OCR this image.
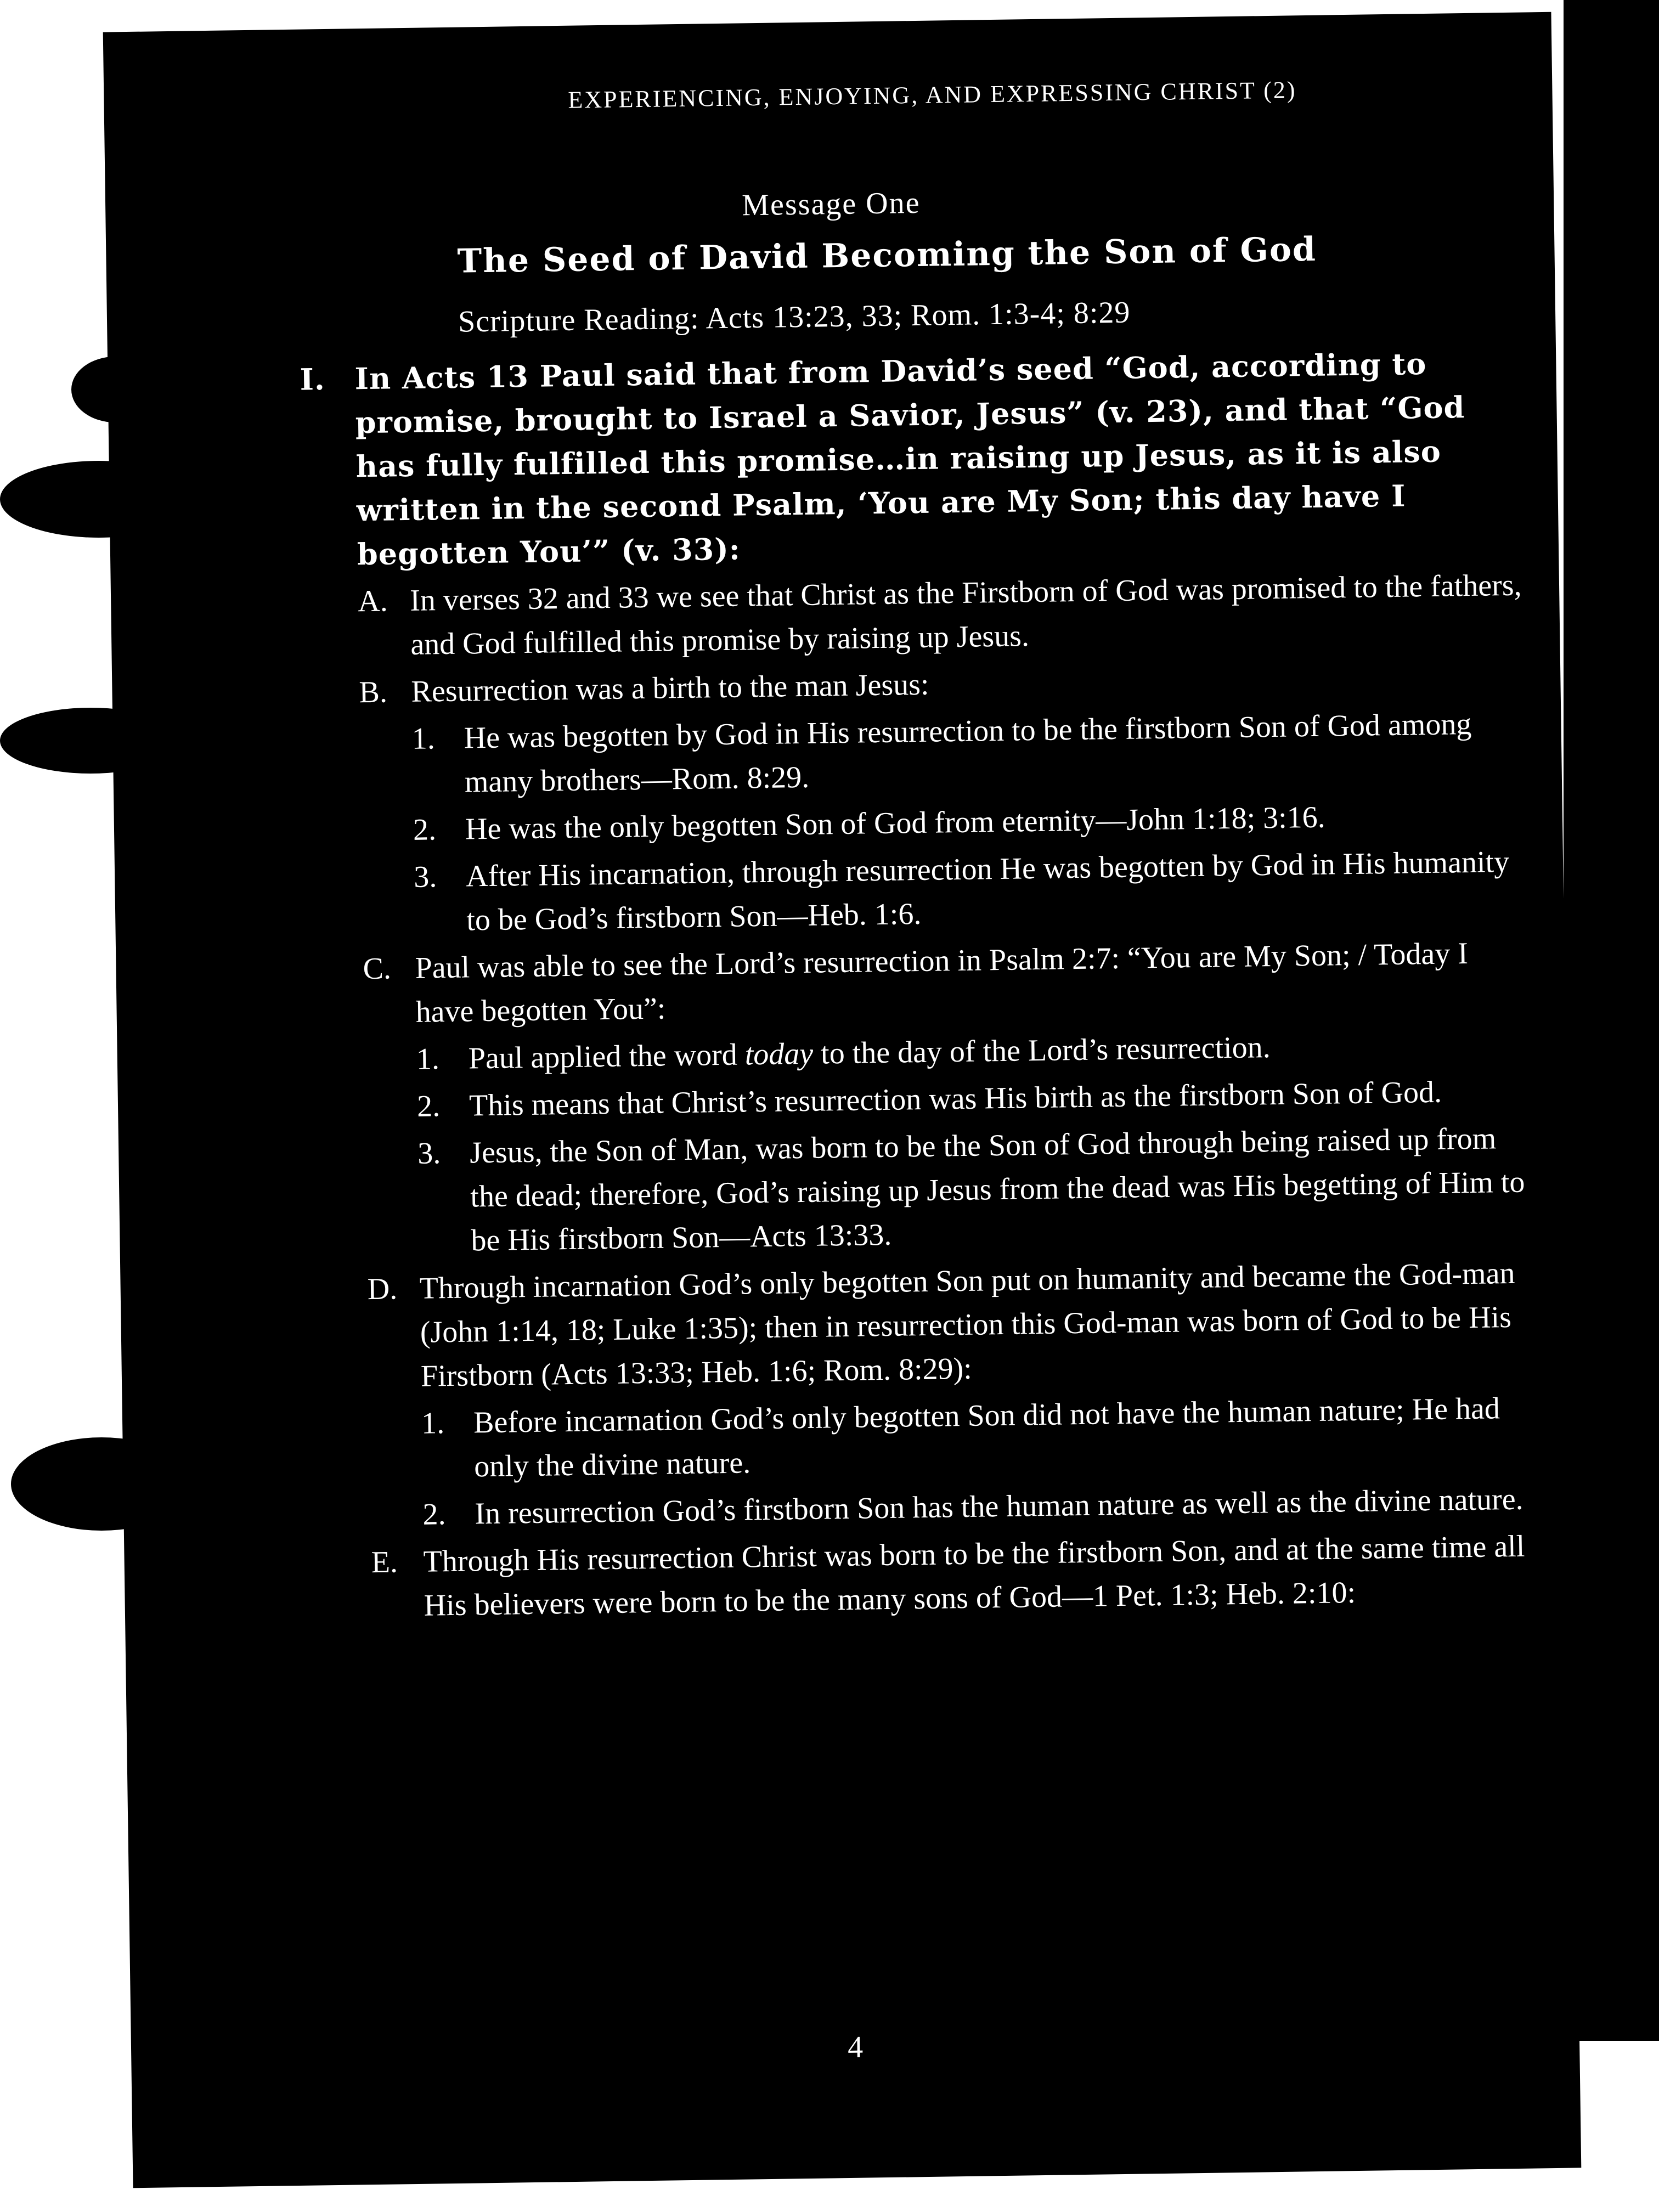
EXPERIENCING, ENJOYING, AND EXPRESSING CHRIST (2)
Message One
The Seed of David Becoming the Son of God
Scripture Reading: Acts 13:23, 33; Rom. 1:3-4; 8:29
I. In Acts 13 Paul said that from David’s seed “God, according to promise, brought to Israel a Savior, Jesus” (v. 23), and that “God has fully fulfilled this promise…in raising up Jesus, as it is also written in the second Psalm, ‘You are My Son; this day have I begotten You’” (v. 33):
A. In verses 32 and 33 we see that Christ as the Firstborn of God was promised to the fathers, and God fulfilled this promise by raising up Jesus.
B. Resurrection was a birth to the man Jesus:
1. He was begotten by God in His resurrection to be the firstborn Son of God among many brothers—Rom. 8:29.
2. He was the only begotten Son of God from eternity—John 1:18; 3:16.
3. After His incarnation, through resurrection He was begotten by God in His humanity to be God’s firstborn Son—Heb. 1:6.
C. Paul was able to see the Lord’s resurrection in Psalm 2:7: “You are My Son; / Today I have begotten You”:
1. Paul applied the word today to the day of the Lord’s resurrection.
2. This means that Christ’s resurrection was His birth as the firstborn Son of God.
3. Jesus, the Son of Man, was born to be the Son of God through being raised up from the dead; therefore, God’s raising up Jesus from the dead was His begetting of Him to be His firstborn Son—Acts 13:33.
D. Through incarnation God’s only begotten Son put on humanity and became the God-man (John 1:14, 18; Luke 1:35); then in resurrection this God-man was born of God to be His Firstborn (Acts 13:33; Heb. 1:6; Rom. 8:29):
1. Before incarnation God’s only begotten Son did not have the human nature; He had only the divine nature.
2. In resurrection God’s firstborn Son has the human nature as well as the divine nature.
E. Through His resurrection Christ was born to be the firstborn Son, and at the same time all His believers were born to be the many sons of God—1 Pet. 1:3; Heb. 2:10:
4
